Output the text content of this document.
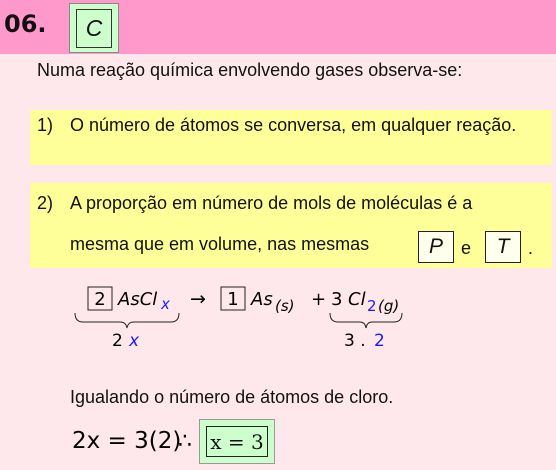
06.	C
Numa reação química envolvendo gases observa-se:
1) O número de átomos se conversa, em qualquer reação.
2) A proporção em número de mols de moléculas é a
mesma que em volume, nas mesmas	P	e	T	.
2 AsCl x
2 x
→ 1 As (s) + 3 Cl 2 (g)
3 . 2
2x = 3(2)
∴
Igualando o número de átomos de cloro.
x = 3
